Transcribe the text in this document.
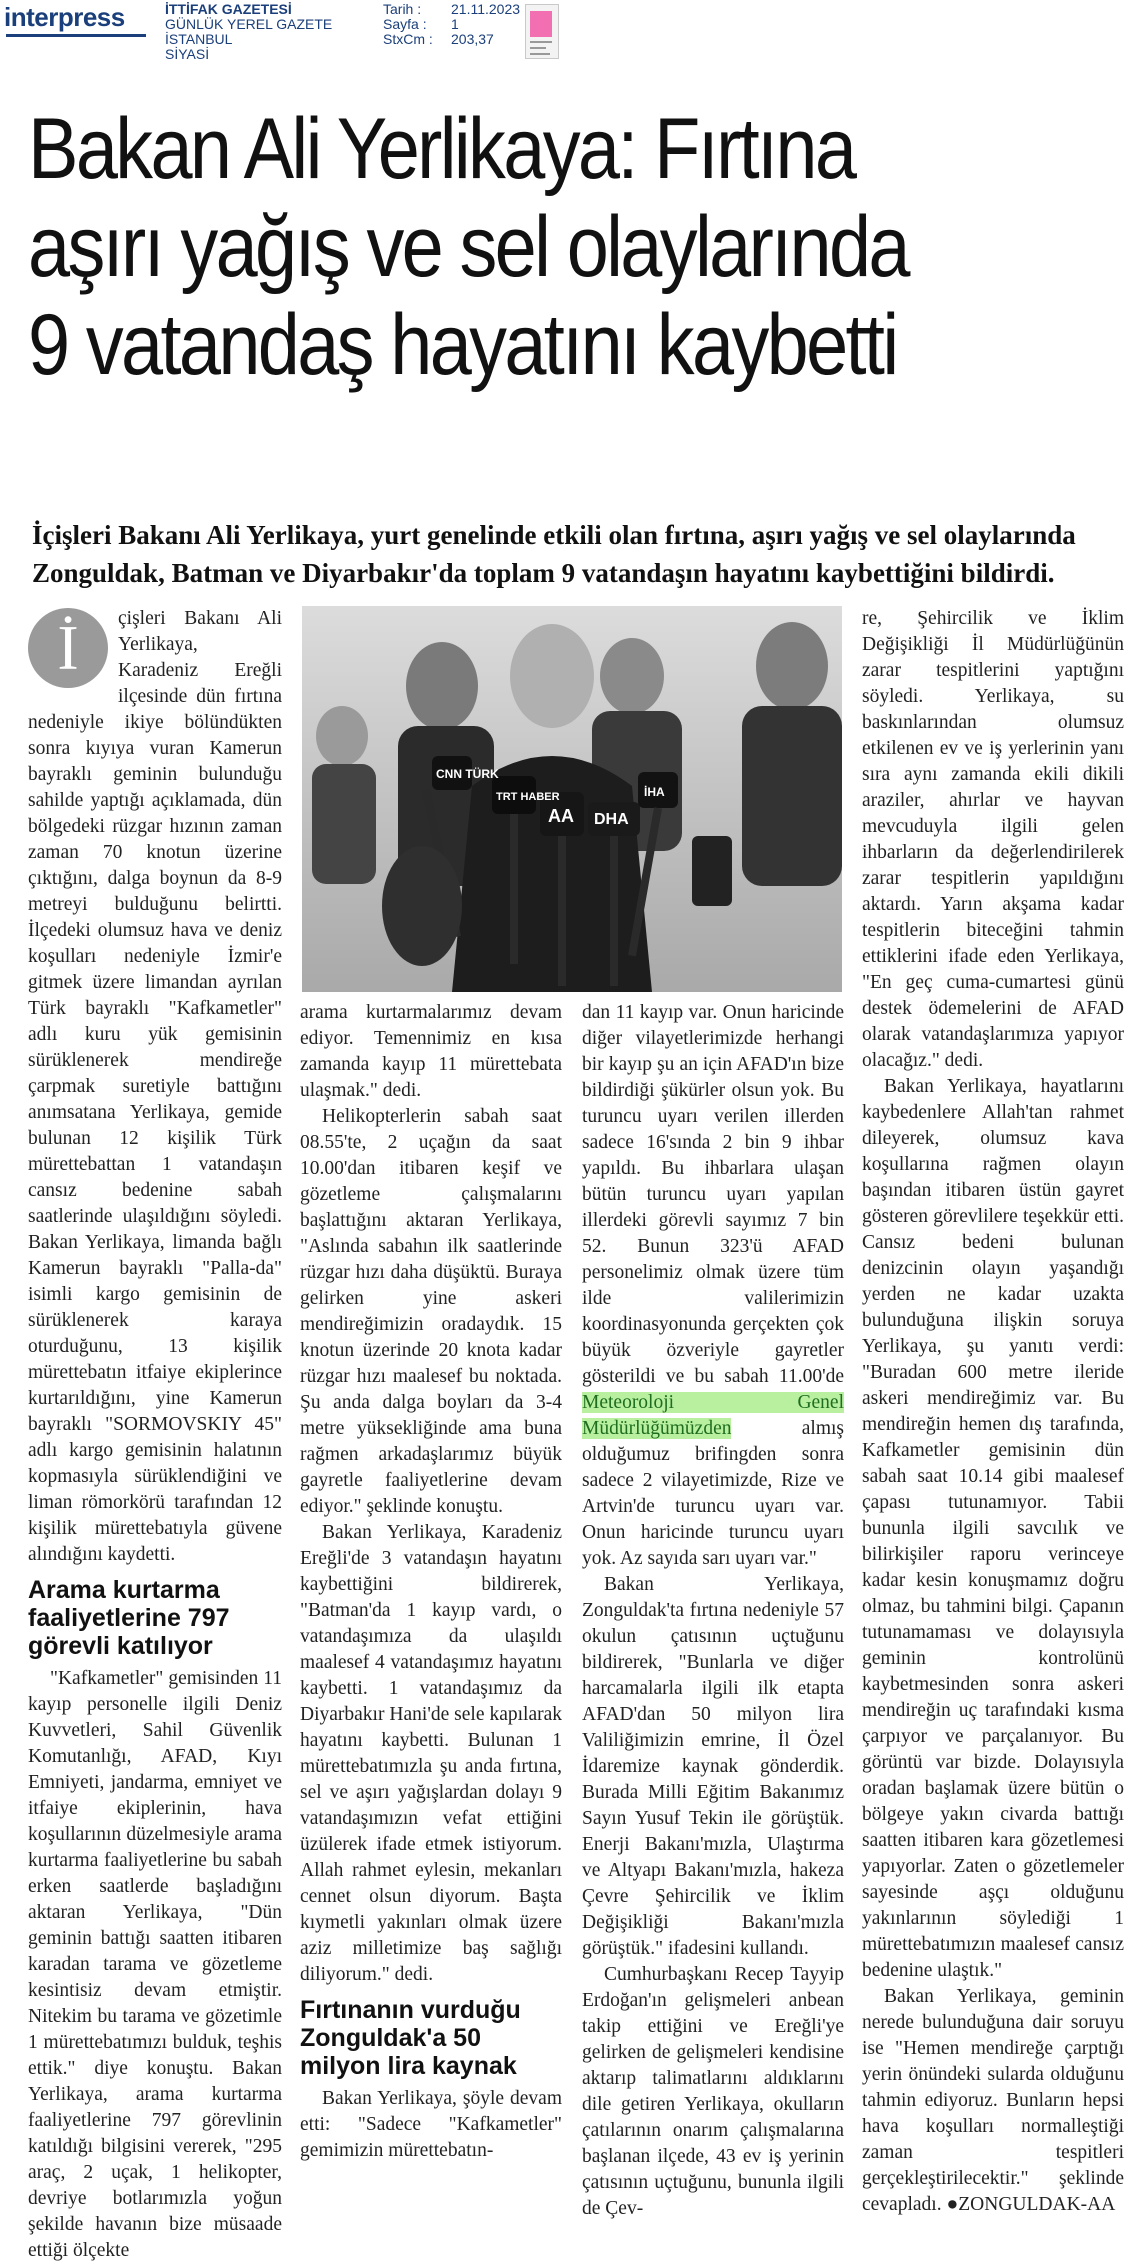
interpress	İTTİFAK GAZETESİ
GÜNLÜK YEREL GAZETE
İSTANBUL
SİYASİ
Tarih :	21.11.2023
Sayfa :	1
StxCm :	203,37
Bakan Ali Yerlikaya: Fırtına
aşırı yağış ve sel olaylarında
9 vatandaş hayatını kaybetti
İçişleri Bakanı Ali Yerlikaya, yurt genelinde etkili olan fırtına, aşırı yağış ve sel olaylarında Zonguldak, Batman ve Diyarbakır'da toplam 9 vatandaşın hayatını kaybettiğini bildirdi.

İ	çişleri Bakanı Ali Yerlikaya, Karadeniz Ereğli ilçesinde dün fırtına nedeniyle ikiye bölündükten sonra kıyıya vuran Kamerun bayraklı geminin bulunduğu sahilde yaptığı açıklamada, dün bölgedeki rüzgar hızının zaman zaman 70 knotun üzerine çıktığını, dalga boynun da 8-9 metreyi bulduğunu belirtti. İlçedeki olumsuz hava ve deniz koşulları nedeniyle İzmir'e gitmek üzere limandan ayrılan Türk bayraklı "Kafkametler" adlı kuru yük gemisinin sürüklenerek mendireğe çarpmak suretiyle battığını anımsatana Yerlikaya, gemide bulunan 12 kişilik Türk mürettebattan 1 vatandaşın cansız bedenine sabah saatlerinde ulaşıldığını söyledi. Bakan Yerlikaya, limanda bağlı Kamerun bayraklı "Palla-da" isimli kargo gemisinin de sürüklenerek karaya oturduğunu, 13 kişilik mürettebatın itfaiye ekiplerince kurtarıldığını, yine Kamerun bayraklı "SORMOVSKIY 45" adlı kargo gemisinin halatının kopmasıyla sürüklendiğini ve liman römorkörü tarafından 12 kişilik mürettebatıyla güvene alındığını kaydetti.

Arama kurtarma faaliyetlerine 797 görevli katılıyor

"Kafkametler" gemisinden 11 kayıp personelle ilgili Deniz Kuvvetleri, Sahil Güvenlik Komutanlığı, AFAD, Kıyı Emniyeti, jandarma, emniyet ve itfaiye ekiplerinin, hava koşullarının düzelmesiyle arama kurtarma faaliyetlerine bu sabah erken saatlerde başladığını aktaran Yerlikaya, "Dün geminin battığı saatten itibaren karadan tarama ve gözetleme kesintisiz devam etmiştir. Nitekim bu tarama ve gözetimle 1 mürettebatımızı bulduk, teşhis ettik." diye konuştu. Bakan Yerlikaya, arama kurtarma faaliyetlerine 797 görevlinin katıldığı bilgisini vererek, "295 araç, 2 uçak, 1 helikopter, devriye botlarımızla yoğun şekilde havanın bize müsaade ettiği ölçekte

CNN TÜRK
TRT HABER
AA DHA
İHA

arama kurtarmalarımız devam ediyor. Temennimiz en kısa zamanda kayıp 11 mürettebata ulaşmak." dedi.

Helikopterlerin sabah saat 08.55'te, 2 uçağın da saat 10.00'dan itibaren keşif ve gözetleme çalışmalarını başlattığını aktaran Yerlikaya, "Aslında sabahın ilk saatlerinde rüzgar hızı daha düşüktü. Buraya gelirken yine askeri mendireğimizin oradaydık. 15 knotun üzerinde 20 knota kadar rüzgar hızı maalesef bu noktada. Şu anda dalga boyları da 3-4 metre yüksekliğinde ama buna rağmen arkadaşlarımız büyük gayretle faaliyetlerine devam ediyor." şeklinde konuştu.

Bakan Yerlikaya, Karadeniz Ereğli'de 3 vatandaşın hayatını kaybettiğini bildirerek, "Batman'da 1 kayıp vardı, o vatandaşımıza da ulaşıldı maalesef 4 vatandaşımız hayatını kaybetti. 1 vatandaşımız da Diyarbakır Hani'de sele kapılarak hayatını kaybetti. Bulunan 1 mürettebatımızla şu anda fırtına, sel ve aşırı yağışlardan dolayı 9 vatandaşımızın vefat ettiğini üzülerek ifade etmek istiyorum. Allah rahmet eylesin, mekanları cennet olsun diyorum. Başta kıymetli yakınları olmak üzere aziz milletimize baş sağlığı diliyorum." dedi.

Fırtınanın vurduğu Zonguldak'a 50 milyon lira kaynak

Bakan Yerlikaya, şöyle devam etti: "Sadece "Kafkametler" gemimizin mürettebatın-

dan 11 kayıp var. Onun haricinde diğer vilayetlerimizde herhangi bir kayıp şu an için AFAD'ın bize bildirdiği şükürler olsun yok. Bu turuncu uyarı verilen illerden sadece 16'sında 2 bin 9 ihbar yapıldı. Bu ihbarlara ulaşan bütün turuncu uyarı yapılan illerdeki görevli sayımız 7 bin 52. Bunun 323'ü AFAD personelimiz olmak üzere tüm ilde valilerimizin koordinasyonunda gerçekten çok büyük özveriyle gayretler gösterildi ve bu sabah 11.00'de Meteoroloji Genel Müdürlüğümüzden	almış olduğumuz brifingden sonra sadece 2 vilayetimizde, Rize ve Artvin'de turuncu uyarı var. Onun haricinde turuncu uyarı yok. Az sayıda sarı uyarı var."

Bakan Yerlikaya, Zonguldak'ta fırtına nedeniyle 57 okulun çatısının uçtuğunu bildirerek, "Bunlarla ve diğer harcamalarla ilgili ilk etapta AFAD'dan 50 milyon lira Valiliğimizin emrine, İl Özel İdaremize kaynak gönderdik. Burada Milli Eğitim Bakanımız Sayın Yusuf Tekin ile görüştük. Enerji Bakanı'mızla, Ulaştırma ve Altyapı Bakanı'mızla, hakeza Çevre Şehircilik ve İklim Değişikliği Bakanı'mızla görüştük." ifadesini kullandı.

Cumhurbaşkanı Recep Tayyip Erdoğan'ın gelişmeleri anbean takip ettiğini ve Ereğli'ye gelirken de gelişmeleri kendisine aktarıp talimatlarını aldıklarını dile getiren Yerlikaya, okulların çatılarının onarım çalışmalarına başlanan ilçede, 43 ev iş yerinin çatısının uçtuğunu, bununla ilgili de Çev-

re, Şehircilik ve İklim Değişikliği İl Müdürlüğünün zarar tespitlerini yaptığını söyledi. Yerlikaya, su baskınlarından olumsuz etkilenen ev ve iş yerlerinin yanı sıra aynı zamanda ekili dikili araziler, ahırlar ve hayvan mevcuduyla ilgili gelen ihbarların da değerlendirilerek zarar tespitlerin yapıldığını aktardı. Yarın akşama kadar tespitlerin biteceğini tahmin ettiklerini ifade eden Yerlikaya, "En geç cuma-cumartesi günü destek ödemelerini de AFAD olarak vatandaşlarımıza yapıyor olacağız." dedi.

Bakan Yerlikaya, hayatlarını kaybedenlere Allah'tan rahmet dileyerek, olumsuz kava koşullarına rağmen olayın başından itibaren üstün gayret gösteren görevlilere teşekkür etti. Cansız bedeni bulunan denizcinin olayın yaşandığı yerden ne kadar uzakta bulunduğuna ilişkin soruya Yerlikaya, şu yanıtı verdi: "Buradan 600 metre ileride askeri mendireğimiz var. Bu mendireğin hemen dış tarafında, Kafkametler gemisinin dün sabah saat 10.14 gibi maalesef çapası tutunamıyor. Tabii bununla ilgili savcılık ve bilirkişiler raporu verinceye kadar kesin konuşmamız doğru olmaz, bu tahmini bilgi. Çapanın tutunamaması ve dolayısıyla geminin kontrolünü kaybetmesinden sonra askeri mendireğin uç tarafındaki kısma çarpıyor ve parçalanıyor. Bu görüntü var bizde. Dolayısıyla oradan başlamak üzere bütün o bölgeye yakın civarda battığı saatten itibaren kara gözetlemesi yapıyorlar. Zaten o gözetlemeler sayesinde aşçı olduğunu yakınlarının söylediği 1 mürettebatımızın maalesef cansız bedenine ulaştık."

Bakan Yerlikaya, geminin nerede bulunduğuna dair soruyu ise "Hemen mendireğe çarptığı yerin önündeki sularda olduğunu tahmin ediyoruz. Bunların hepsi hava koşulları normalleştiği zaman tespitleri gerçekleştirilecektir." şeklinde cevapladı. ●ZONGULDAK-AA
